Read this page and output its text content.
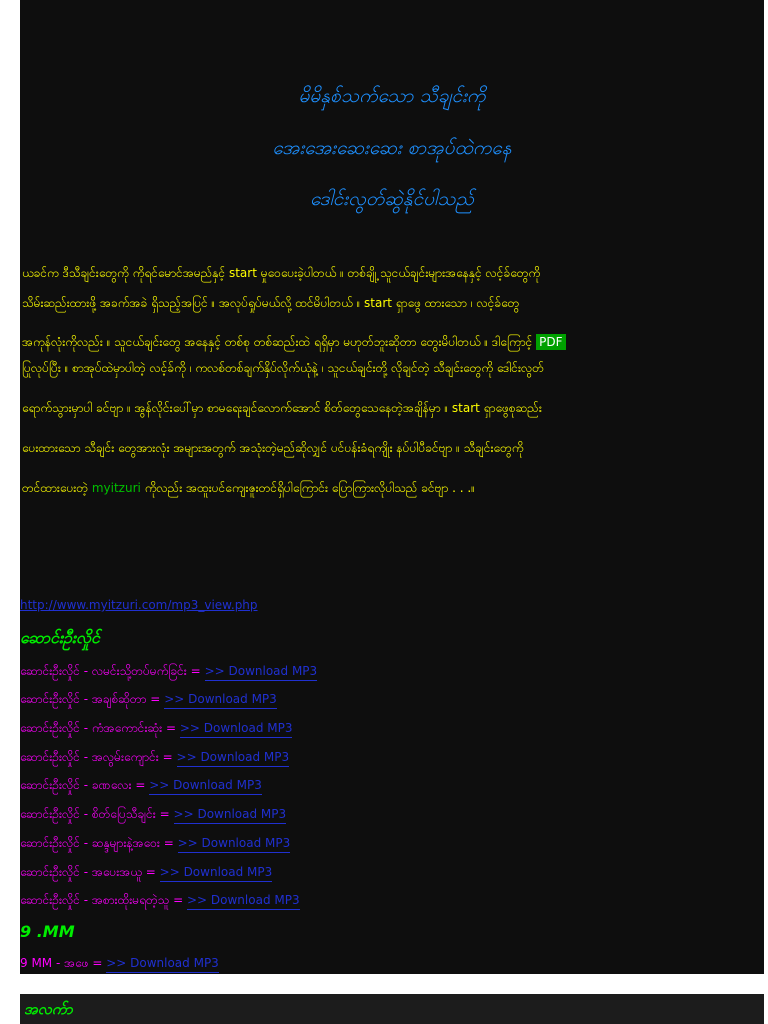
မိမိနှစ်သက်သော သီချင်းကို
အေးအေးဆေးဆေး စာအုပ်ထဲကနေ
ဒေါင်းလွတ်ဆွဲနိုင်ပါသည်
ယခင်က ဒီသီချင်းတွေကို ကိုရင်မောင်အမည်နှင့် start မှုဝေပေးခဲ့ပါတယ် ။ တစ်ချို့ သူငယ်ချင်းများအနေနှင့် လင့်ခ်တွေကို
သိမ်းဆည်းထားဖို့ အခက်အခဲ ရှိသည့်အပြင် ။ အလုပ်ရှုပ်မယ်လို့ ထင်မိပါတယ် ။ start ရှာဖွေ ထားသော ၊ လင့်ခ်တွေ
အကုန်လုံးကိုလည်း ။ သူငယ်ချင်းတွေ အနေနှင့် တစ်စု တစ်ဆည်းထဲ ရရှိမှာ မဟုတ်ဘူးဆိုတာ တွေးမိပါတယ် ။ ဒါကြောင့် PDF
ပြုလုပ်ပြီး ။ စာအုပ်ထဲမှာပါတဲ့ လင့်ခ်ကို ၊ ကလစ်တစ်ချက်နှိပ်လိုက်ယုံနဲ့ ၊ သူငယ်ချင်းတို့ လိုချင်တဲ့ သီချင်းတွေကို ဒေါင်းလွတ်
ရောက်သွားမှာပါ ခင်ဗျာ ။ အွန်လိုင်းပေါ်မှာ စာမရေးချင်လောက်အောင် စိတ်တွေသေနေတဲ့အချိန်မှာ ။ start ရှာဖွေစုဆည်း
ပေးထားသော သီချင်း တွေအားလုံး အများအတွက် အသုံးတဲ့မည်ဆိုလျှင် ပင်ပန်းခံရကျိုး နပ်ပါပီခင်ဗျာ ။ သီချင်းတွေကို
တင်ထားပေးတဲ့ myitzuri ကိုလည်း အထူးပင်ကျေးဇူးတင်ရှိပါကြောင်း ပြောကြားလိုပါသည် ခင်ဗျာ . . .။
http://www.myitzuri.com/mp3_view.php
ဆောင်းဦးလှိုင်
ဆောင်းဦးလှိုင် - လမင်းသို့တပ်မက်ခြင်း = >> Download MP3
ဆောင်းဦးလှိုင် - အချစ်ဆိုတာ = >> Download MP3
ဆောင်းဦးလှိုင် - ကံအကောင်းဆုံး = >> Download MP3
ဆောင်းဦးလှိုင် - အလွမ်းကျောင်း = >> Download MP3
ဆောင်းဦးလှိုင် - ခဏလေး = >> Download MP3
ဆောင်းဦးလှိုင် - စိတ်ပြေသီချင်း = >> Download MP3
ဆောင်းဦးလှိုင် - ဆန္ဒများနဲ့အဝေး = >> Download MP3
ဆောင်းဦးလှိုင် - အပေးအယူ = >> Download MP3
ဆောင်းဦးလှိုင် - အစားထိုးမရတဲ့သူ = >> Download MP3
9 .MM
9 MM - အဖေ = >> Download MP3
အလက်ာ
